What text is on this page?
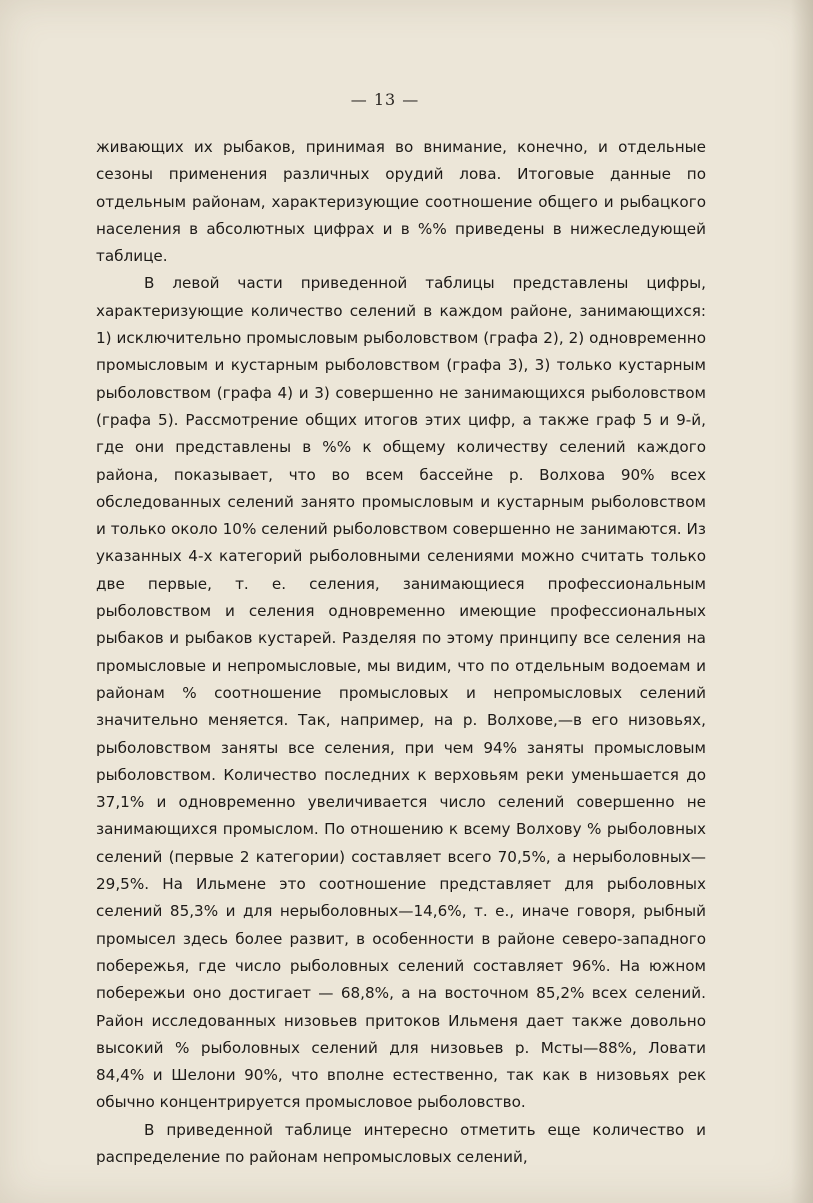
— 13 —

живающих их рыбаков, принимая во внимание, конечно, и отдельные сезоны применения различных орудий лова. Итоговые данные по отдельным районам, характеризующие соотношение общего и рыбацкого населения в абсолютных цифрах и в %% приведены в нижеследующей таблице.

В левой части приведенной таблицы представлены цифры, характеризующие количество селений в каждом районе, занимающихся: 1) исключительно промысловым рыболовством (графа 2), 2) одновременно промысловым и кустарным рыболовством (графа 3), 3) только кустарным рыболовством (графа 4) и 3) совершенно не занимающихся рыболовством (графа 5). Рассмотрение общих итогов этих цифр, а также граф 5 и 9-й, где они представлены в %% к общему количеству селений каждого района, показывает, что во всем бассейне р. Волхова 90% всех обследованных селений занято промысловым и кустарным рыболовством и только около 10% селений рыболовством совершенно не занимаются. Из указанных 4-х категорий рыболовными селениями можно считать только две первые, т. е. селения, занимающиеся профессиональным рыболовством и селения одновременно имеющие профессиональных рыбаков и рыбаков кустарей. Разделяя по этому принципу все селения на промысловые и непромысловые, мы видим, что по отдельным водоемам и районам % соотношение промысловых и непромысловых селений значительно меняется. Так, например, на р. Волхове,—в его низовьях, рыболовством заняты все селения, при чем 94% заняты промысловым рыболовством. Количество последних к верховьям реки уменьшается до 37,1% и одновременно увеличивается число селений совершенно не занимающихся промыслом. По отношению к всему Волхову % рыболовных селений (первые 2 категории) составляет всего 70,5%, а нерыболовных—29,5%. На Ильмене это соотношение представляет для рыболовных селений 85,3% и для нерыболовных—14,6%, т. е., иначе говоря, рыбный промысел здесь более развит, в особенности в районе северо-западного побережья, где число рыболовных селений составляет 96%. На южном побережьи оно достигает — 68,8%, а на восточном 85,2% всех селений. Район исследованных низовьев притоков Ильменя дает также довольно высокий % рыболовных селений для низовьев р. Мсты—88%, Ловати 84,4% и Шелони 90%, что вполне естественно, так как в низовьях рек обычно концентрируется промысловое рыболовство.

В приведенной таблице интересно отметить еще количество и распределение по районам непромысловых селений,
